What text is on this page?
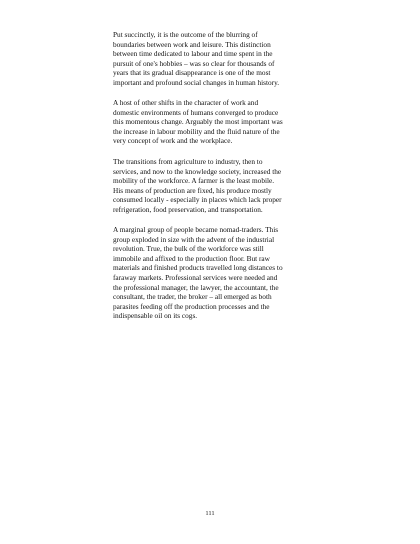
Put succinctly, it is the outcome of the blurring of
boundaries between work and leisure. This distinction
between time dedicated to labour and time spent in the
pursuit of one's hobbies – was so clear for thousands of
years that its gradual disappearance is one of the most
important and profound social changes in human history.

A host of other shifts in the character of work and
domestic environments of humans converged to produce
this momentous change. Arguably the most important was
the increase in labour mobility and the fluid nature of the
very concept of work and the workplace.

The transitions from agriculture to industry, then to
services, and now to the knowledge society, increased the
mobility of the workforce. A farmer is the least mobile.
His means of production are fixed, his produce mostly
consumed locally - especially in places which lack proper
refrigeration, food preservation, and transportation.

A marginal group of people became nomad-traders. This
group exploded in size with the advent of the industrial
revolution. True, the bulk of the workforce was still
immobile and affixed to the production floor. But raw
materials and finished products travelled long distances to
faraway markets. Professional services were needed and
the professional manager, the lawyer, the accountant, the
consultant, the trader, the broker – all emerged as both
parasites feeding off the production processes and the
indispensable oil on its cogs.

111
